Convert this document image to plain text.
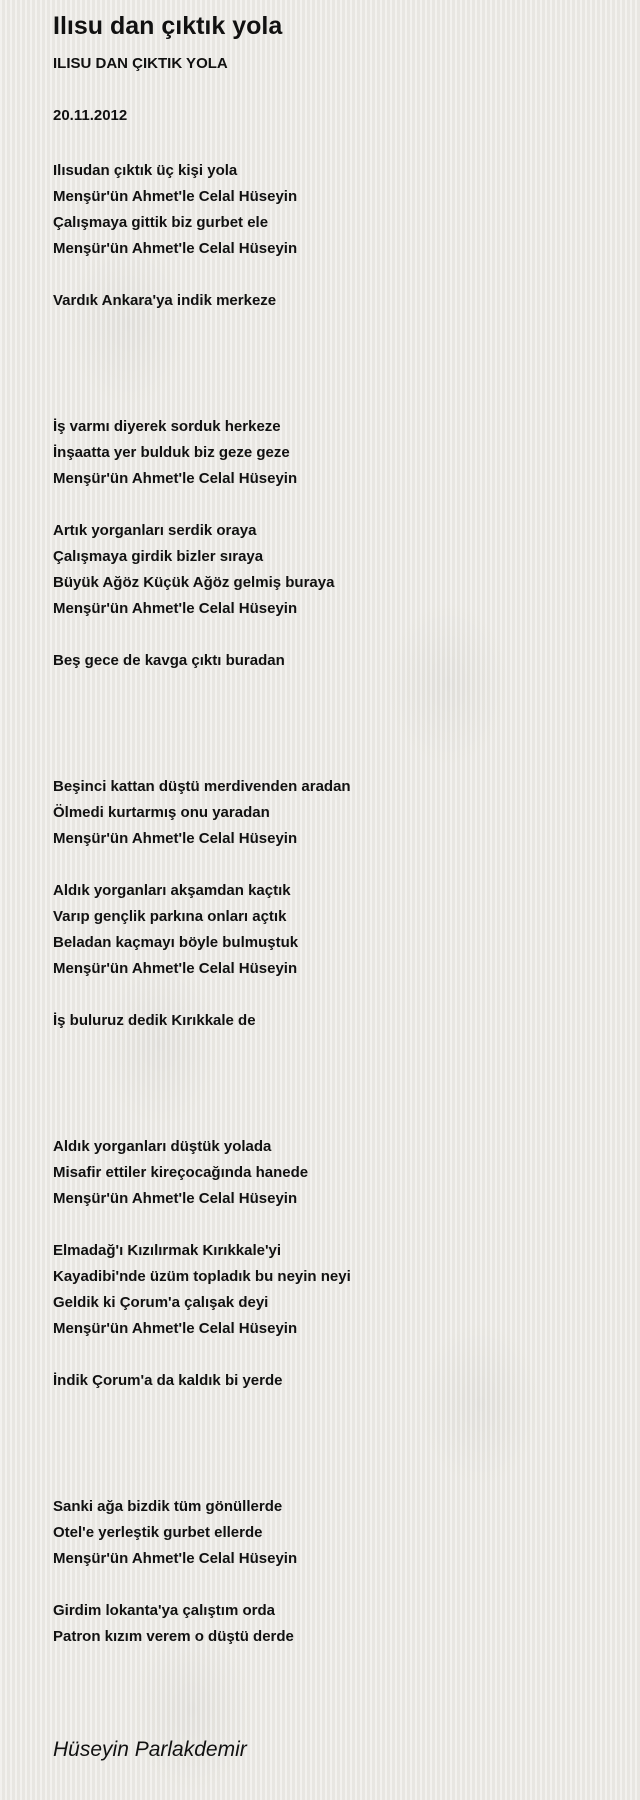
Ilısu dan çıktık yola
ILISU DAN ÇIKTIK YOLA
20.11.2012
Ilısudan çıktık üç kişi yola
Menşür'ün Ahmet'le Celal Hüseyin
Çalışmaya gittik biz gurbet ele
Menşür'ün Ahmet'le Celal Hüseyin
Vardık Ankara'ya indik merkeze
İş varmı diyerek sorduk herkeze
İnşaatta yer bulduk biz geze geze
Menşür'ün Ahmet'le Celal Hüseyin
Artık yorganları serdik oraya
Çalışmaya girdik bizler sıraya
Büyük Ağöz Küçük Ağöz gelmiş buraya
Menşür'ün Ahmet'le Celal Hüseyin
Beş gece de kavga çıktı buradan
Beşinci kattan düştü merdivenden aradan
Ölmedi kurtarmış onu yaradan
Menşür'ün Ahmet'le Celal Hüseyin
Aldık yorganları akşamdan kaçtık
Varıp gençlik parkına onları açtık
Beladan kaçmayı böyle bulmuştuk
Menşür'ün Ahmet'le Celal Hüseyin
İş buluruz dedik Kırıkkale de
Aldık yorganları düştük yolada
Misafir ettiler kireçocağında hanede
Menşür'ün Ahmet'le Celal Hüseyin
Elmadağ'ı Kızılırmak Kırıkkale'yi
Kayadibi'nde üzüm topladık bu neyin neyi
Geldik ki Çorum'a çalışak deyi
Menşür'ün Ahmet'le Celal Hüseyin
İndik Çorum'a da kaldık bi yerde
Sanki ağa bizdik tüm gönüllerde
Otel'e yerleştik gurbet ellerde
Menşür'ün Ahmet'le Celal Hüseyin
Girdim lokanta'ya çalıştım orda
Patron kızım verem o düştü derde
Hüseyin Parlakdemir
